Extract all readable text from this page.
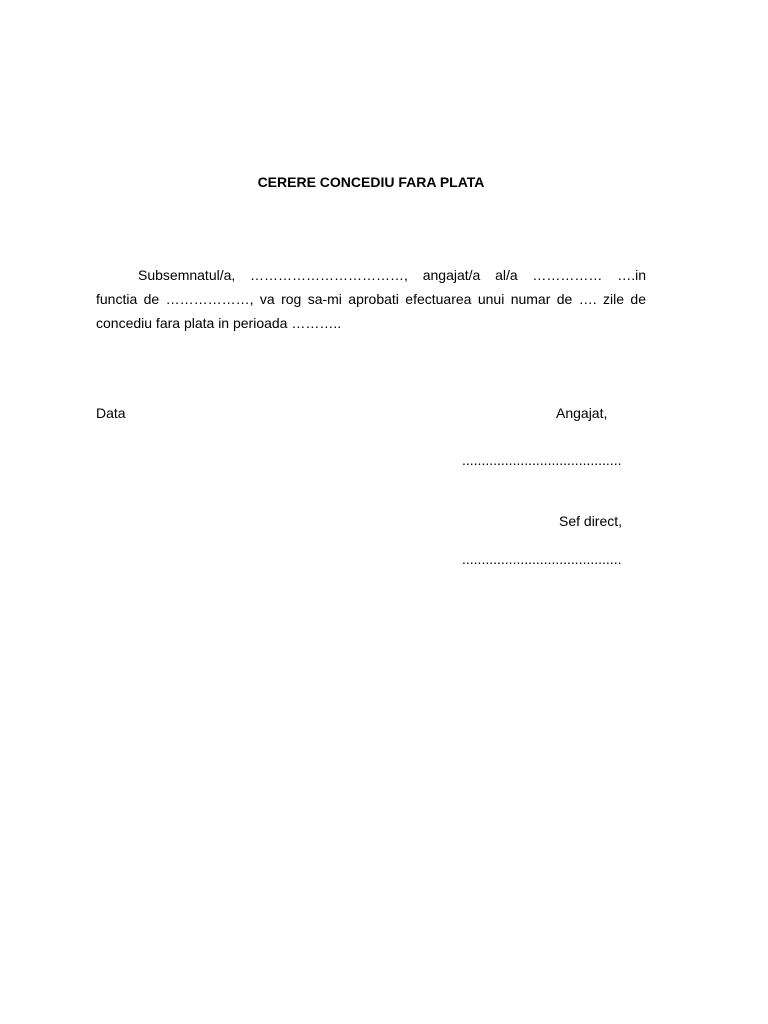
CERERE CONCEDIU FARA PLATA
Subsemnatul/a, ……………………………, angajat/a al/a …………… ….in
functia de ………………, va rog sa-mi aprobati efectuarea unui numar de …. zile de
concediu fara plata in perioada ………..
Data	Angajat,
.........................................
Sef direct,
.........................................
